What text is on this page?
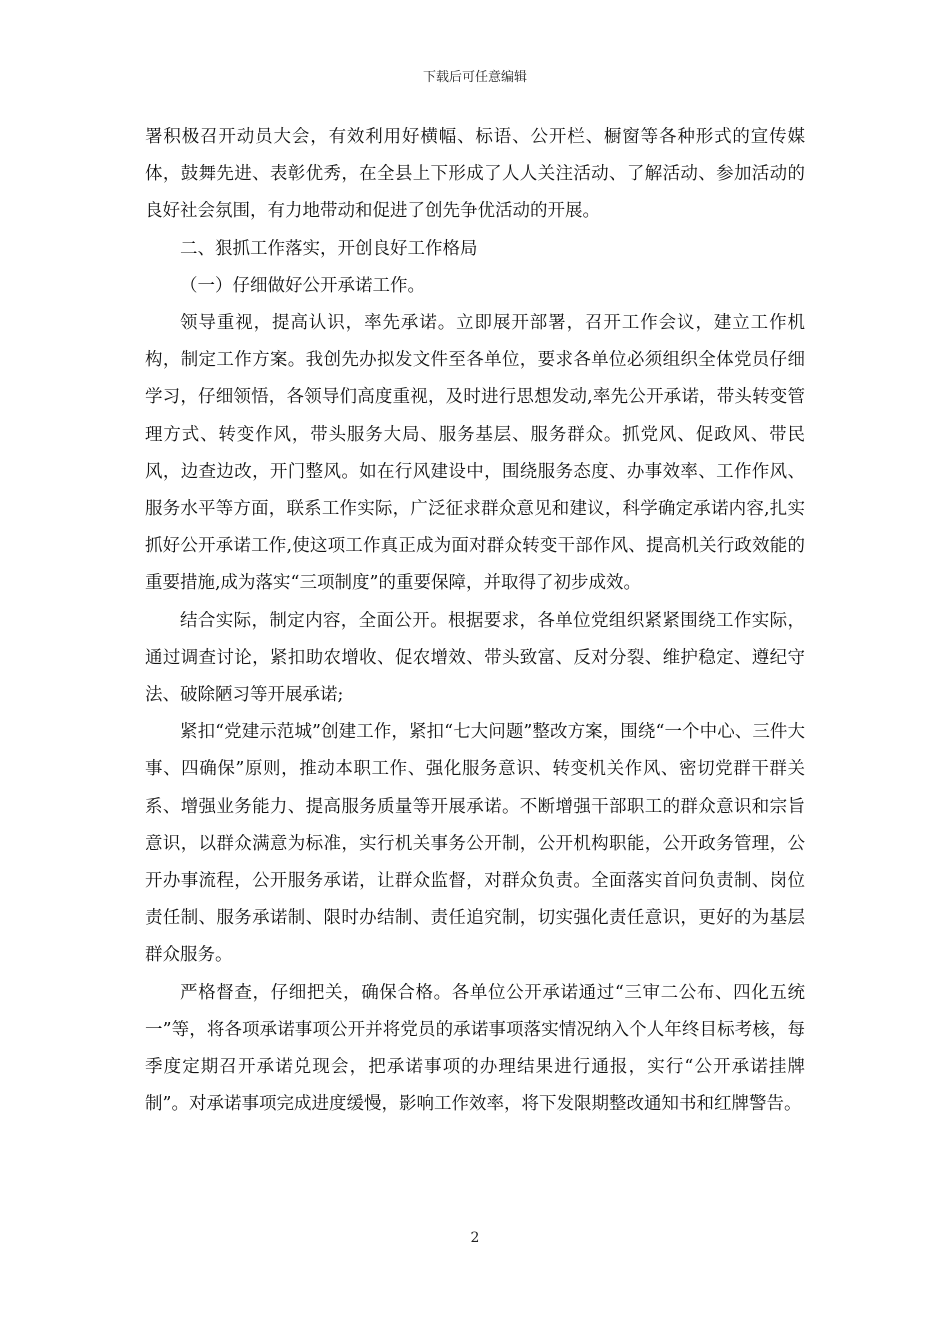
下载后可任意编辑

署积极召开动员大会，有效利用好横幅、标语、公开栏、橱窗等各种形式的宣传媒体，鼓舞先进、表彰优秀，在全县上下形成了人人关注活动、了解活动、参加活动的良好社会氛围，有力地带动和促进了创先争优活动的开展。

二、狠抓工作落实，开创良好工作格局

（一）仔细做好公开承诺工作。

领导重视，提高认识，率先承诺。立即展开部署，召开工作会议，建立工作机构，制定工作方案。我创先办拟发文件至各单位，要求各单位必须组织全体党员仔细学习，仔细领悟，各领导们高度重视，及时进行思想发动,率先公开承诺，带头转变管理方式、转变作风，带头服务大局、服务基层、服务群众。抓党风、促政风、带民风，边查边改，开门整风。如在行风建设中，围绕服务态度、办事效率、工作作风、服务水平等方面，联系工作实际，广泛征求群众意见和建议，科学确定承诺内容,扎实抓好公开承诺工作,使这项工作真正成为面对群众转变干部作风、提高机关行政效能的重要措施,成为落实“三项制度”的重要保障，并取得了初步成效。

结合实际，制定内容，全面公开。根据要求，各单位党组织紧紧围绕工作实际，通过调查讨论，紧扣助农增收、促农增效、带头致富、反对分裂、维护稳定、遵纪守法、破除陋习等开展承诺;

紧扣“党建示范城”创建工作，紧扣“七大问题”整改方案，围绕“一个中心、三件大事、四确保”原则，推动本职工作、强化服务意识、转变机关作风、密切党群干群关系、增强业务能力、提高服务质量等开展承诺。不断增强干部职工的群众意识和宗旨意识，以群众满意为标准，实行机关事务公开制，公开机构职能，公开政务管理，公开办事流程，公开服务承诺，让群众监督，对群众负责。全面落实首问负责制、岗位责任制、服务承诺制、限时办结制、责任追究制，切实强化责任意识，更好的为基层群众服务。

严格督查，仔细把关，确保合格。各单位公开承诺通过“三审二公布、四化五统一”等，将各项承诺事项公开并将党员的承诺事项落实情况纳入个人年终目标考核，每季度定期召开承诺兑现会，把承诺事项的办理结果进行通报，实行“公开承诺挂牌制”。对承诺事项完成进度缓慢，影响工作效率，将下发限期整改通知书和红牌警告。

2
